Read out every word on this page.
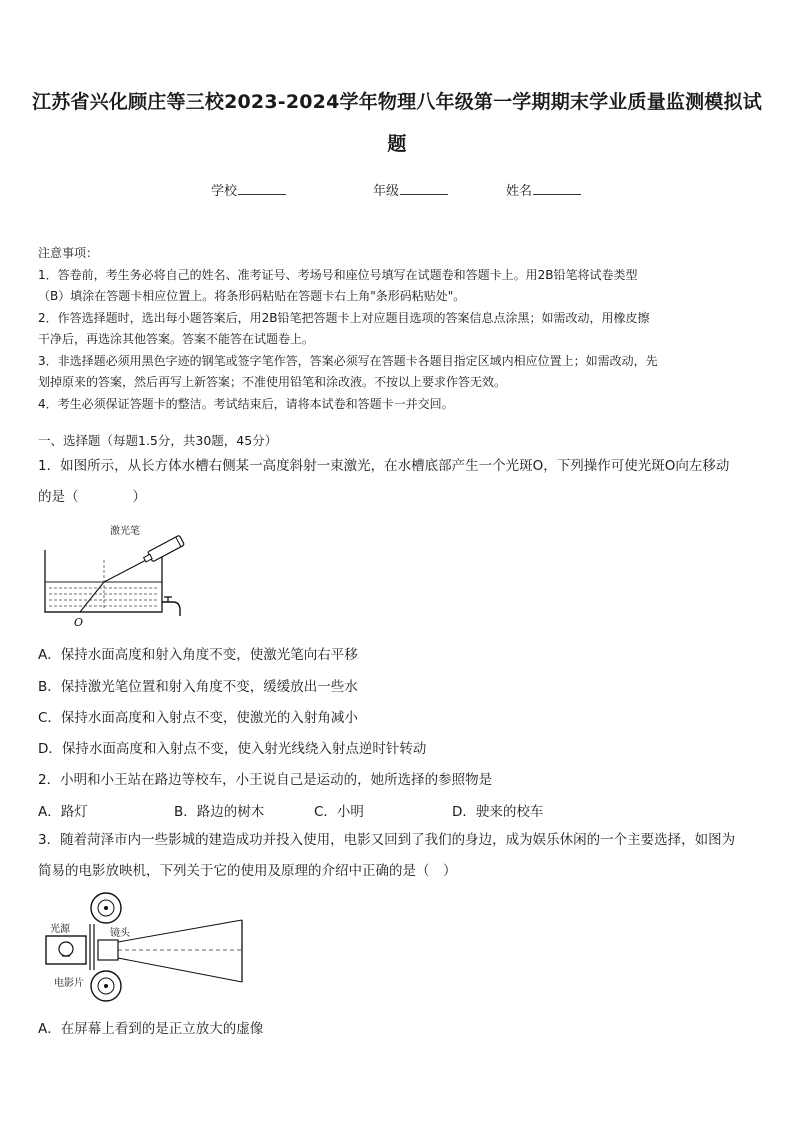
江苏省兴化顾庄等三校2023-2024学年物理八年级第一学期期末学业质量监测模拟试
题
学校	年级	姓名

注意事项：

1．答卷前，考生务必将自己的姓名、准考证号、考场号和座位号填写在试题卷和答题卡上。用2B铅笔将试卷类型

（B）填涂在答题卡相应位置上。将条形码粘贴在答题卡右上角"条形码粘贴处"。

2．作答选择题时，选出每小题答案后，用2B铅笔把答题卡上对应题目选项的答案信息点涂黑；如需改动，用橡皮擦

干净后，再选涂其他答案。答案不能答在试题卷上。

3．非选择题必须用黑色字迹的钢笔或签字笔作答，答案必须写在答题卡各题目指定区域内相应位置上；如需改动，先

划掉原来的答案，然后再写上新答案；不准使用铅笔和涂改液。不按以上要求作答无效。

4．考生必须保证答题卡的整洁。考试结束后，请将本试卷和答题卡一并交回。

一、选择题（每题1.5分，共30题，45分）
1．如图所示，从长方体水槽右侧某一高度斜射一束激光，在水槽底部产生一个光斑O，下列操作可使光斑O向左移动
的是（　　　　）
O
激光笔
A．保持水面高度和射入角度不变，使激光笔向右平移
B．保持激光笔位置和射入角度不变，缓缓放出一些水
C．保持水面高度和入射点不变，使激光的入射角减小
D．保持水面高度和入射点不变，使入射光线绕入射点逆时针转动
2．小明和小王站在路边等校车，小王说自己是运动的，她所选择的参照物是
A．路灯	B．路边的树木	C．小明	D．驶来的校车
3．随着菏泽市内一些影城的建造成功并投入使用，电影又回到了我们的身边，成为娱乐休闲的一个主要选择，如图为
简易的电影放映机，下列关于它的使用及原理的介绍中正确的是（　）
光源	镜头
电影片
A．在屏幕上看到的是正立放大的虚像
